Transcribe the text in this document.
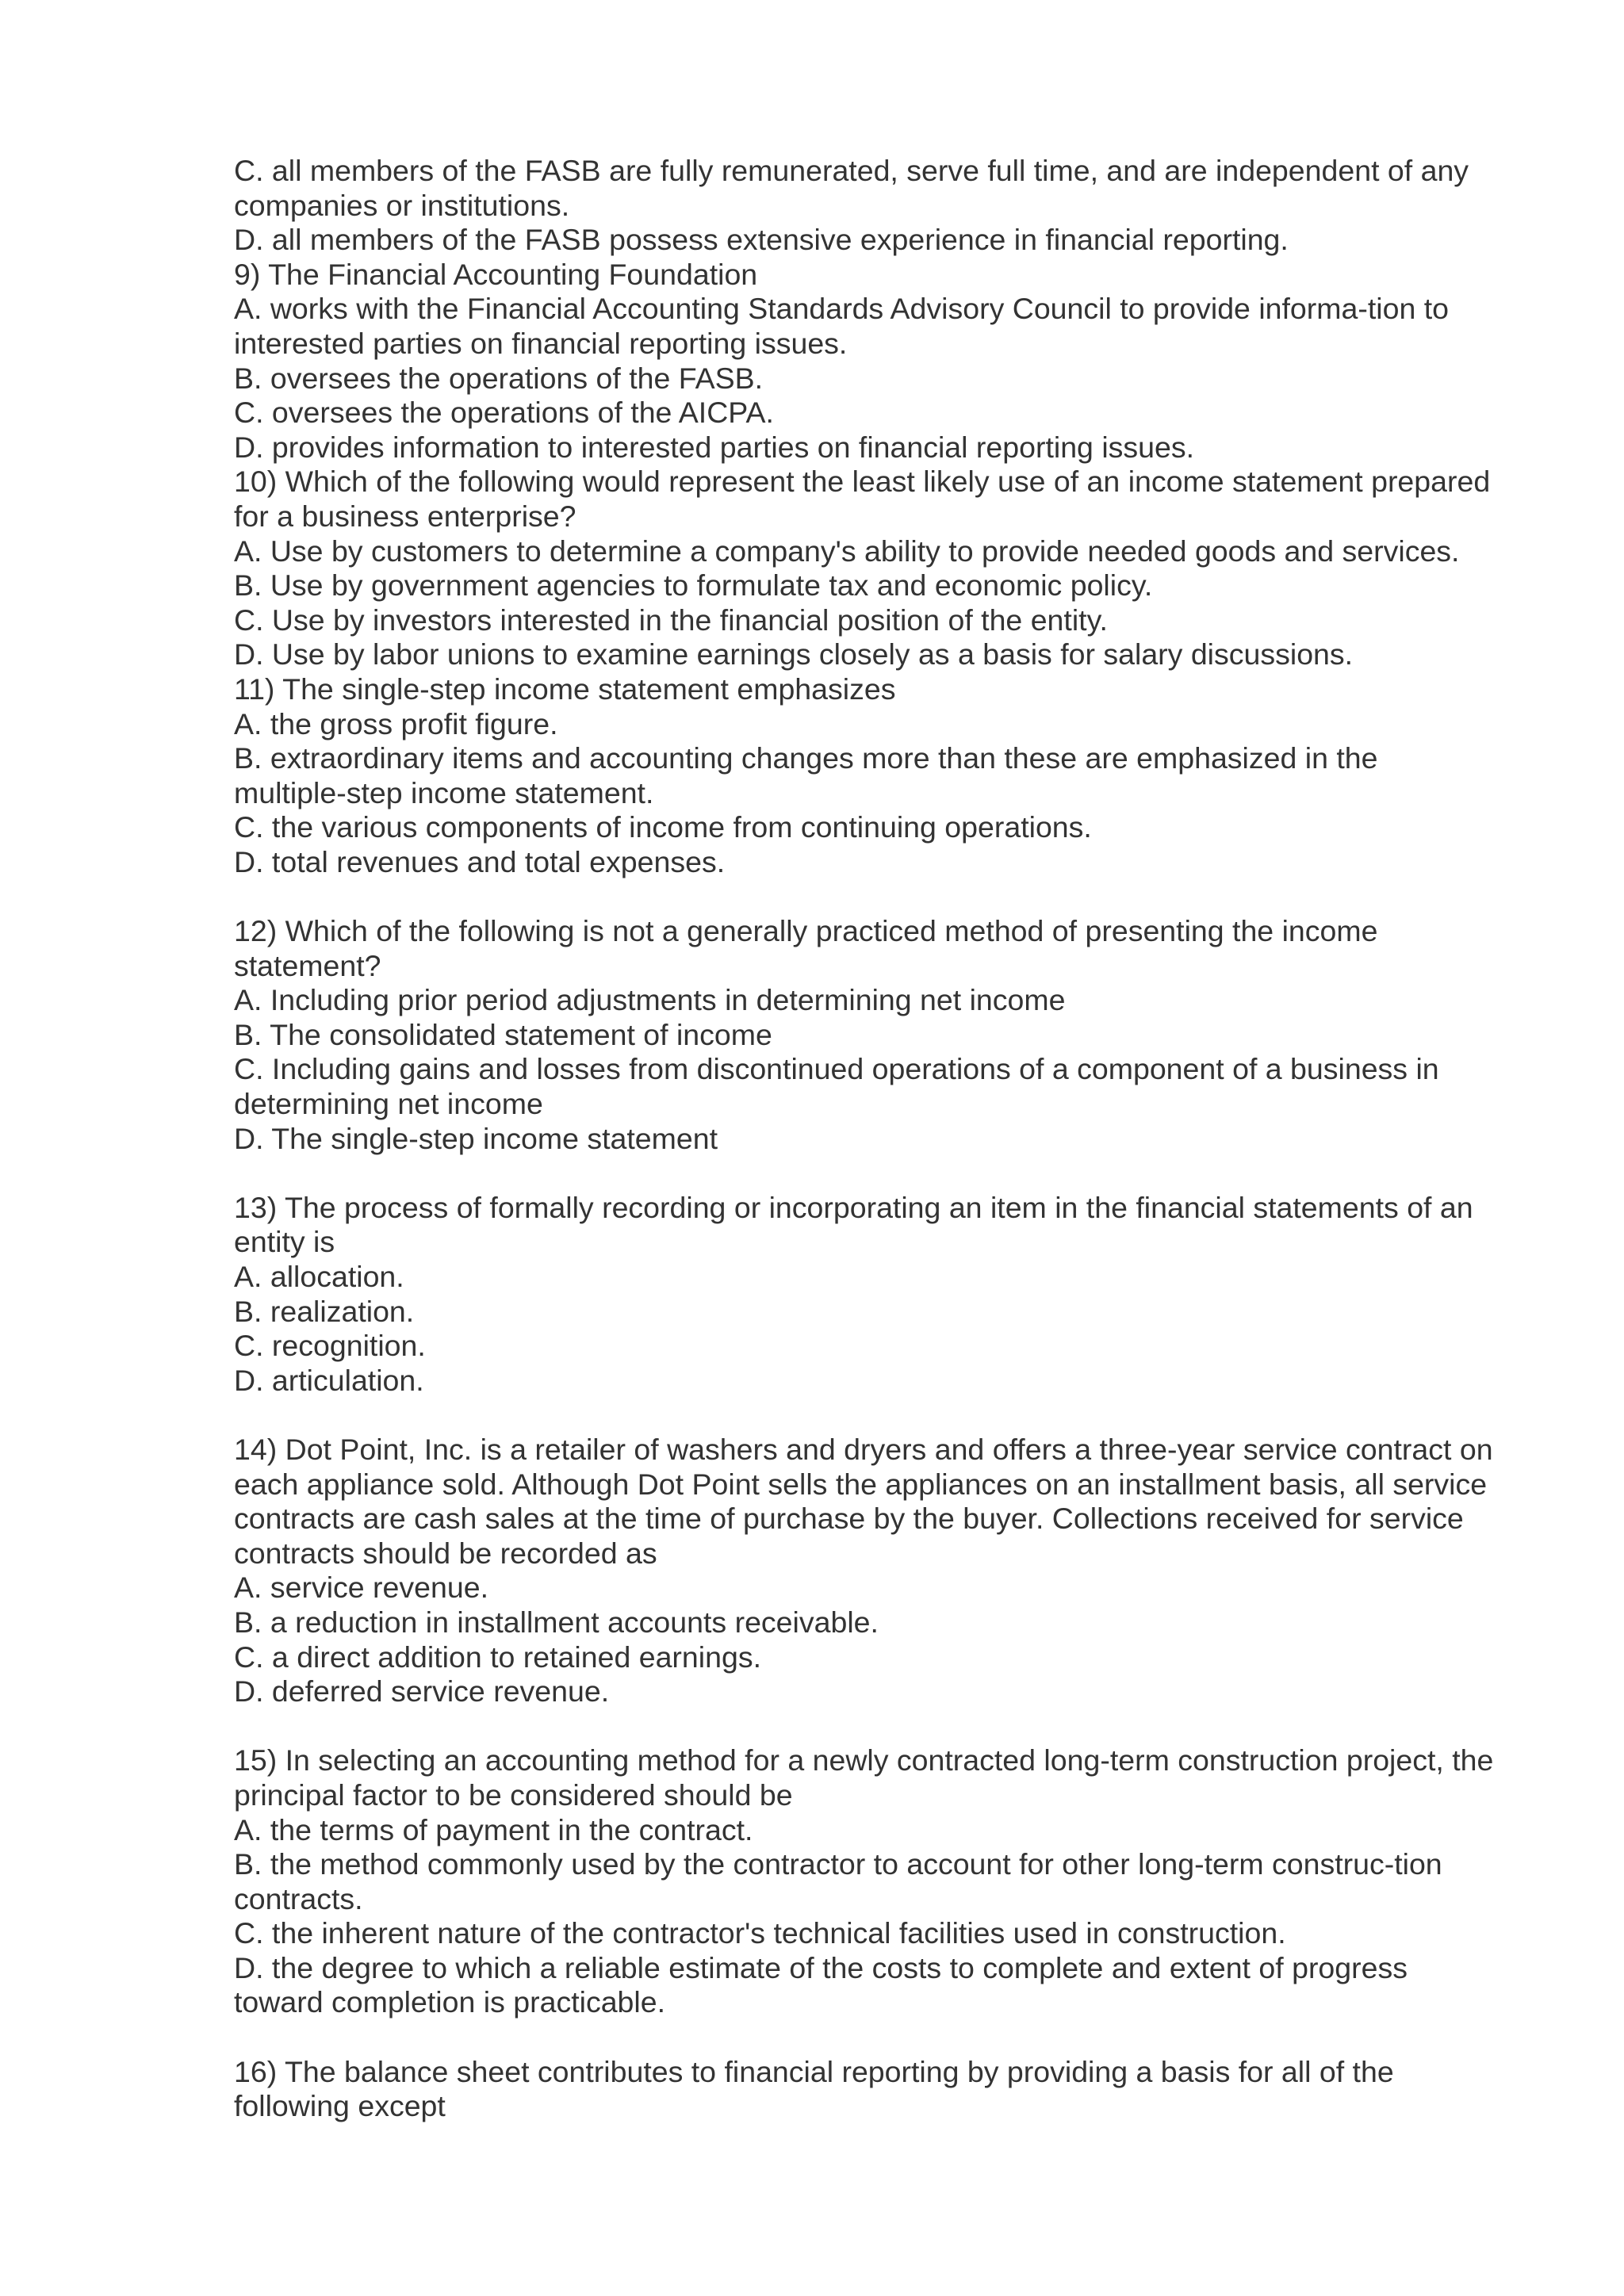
C. all members of the FASB are fully remunerated, serve full time, and are independent of any
companies or institutions.
D. all members of the FASB possess extensive experience in financial reporting.
9) The Financial Accounting Foundation
A. works with the Financial Accounting Standards Advisory Council to provide informa-tion to
interested parties on financial reporting issues.
B. oversees the operations of the FASB.
C. oversees the operations of the AICPA.
D. provides information to interested parties on financial reporting issues.
10) Which of the following would represent the least likely use of an income statement prepared
for a business enterprise?
A. Use by customers to determine a company's ability to provide needed goods and services.
B. Use by government agencies to formulate tax and economic policy.
C. Use by investors interested in the financial position of the entity.
D. Use by labor unions to examine earnings closely as a basis for salary discussions.
11) The single-step income statement emphasizes
A. the gross profit figure.
B. extraordinary items and accounting changes more than these are emphasized in the
multiple-step income statement.
C. the various components of income from continuing operations.
D. total revenues and total expenses.
12) Which of the following is not a generally practiced method of presenting the income
statement?
A. Including prior period adjustments in determining net income
B. The consolidated statement of income
C. Including gains and losses from discontinued operations of a component of a business in
determining net income
D. The single-step income statement
13) The process of formally recording or incorporating an item in the financial statements of an
entity is
A. allocation.
B. realization.
C. recognition.
D. articulation.
14) Dot Point, Inc. is a retailer of washers and dryers and offers a three-year service contract on
each appliance sold. Although Dot Point sells the appliances on an installment basis, all service
contracts are cash sales at the time of purchase by the buyer. Collections received for service
contracts should be recorded as
A. service revenue.
B. a reduction in installment accounts receivable.
C. a direct addition to retained earnings.
D. deferred service revenue.
15) In selecting an accounting method for a newly contracted long-term construction project, the
principal factor to be considered should be
A. the terms of payment in the contract.
B. the method commonly used by the contractor to account for other long-term construc-tion
contracts.
C. the inherent nature of the contractor's technical facilities used in construction.
D. the degree to which a reliable estimate of the costs to complete and extent of progress
toward completion is practicable.
16) The balance sheet contributes to financial reporting by providing a basis for all of the
following except
